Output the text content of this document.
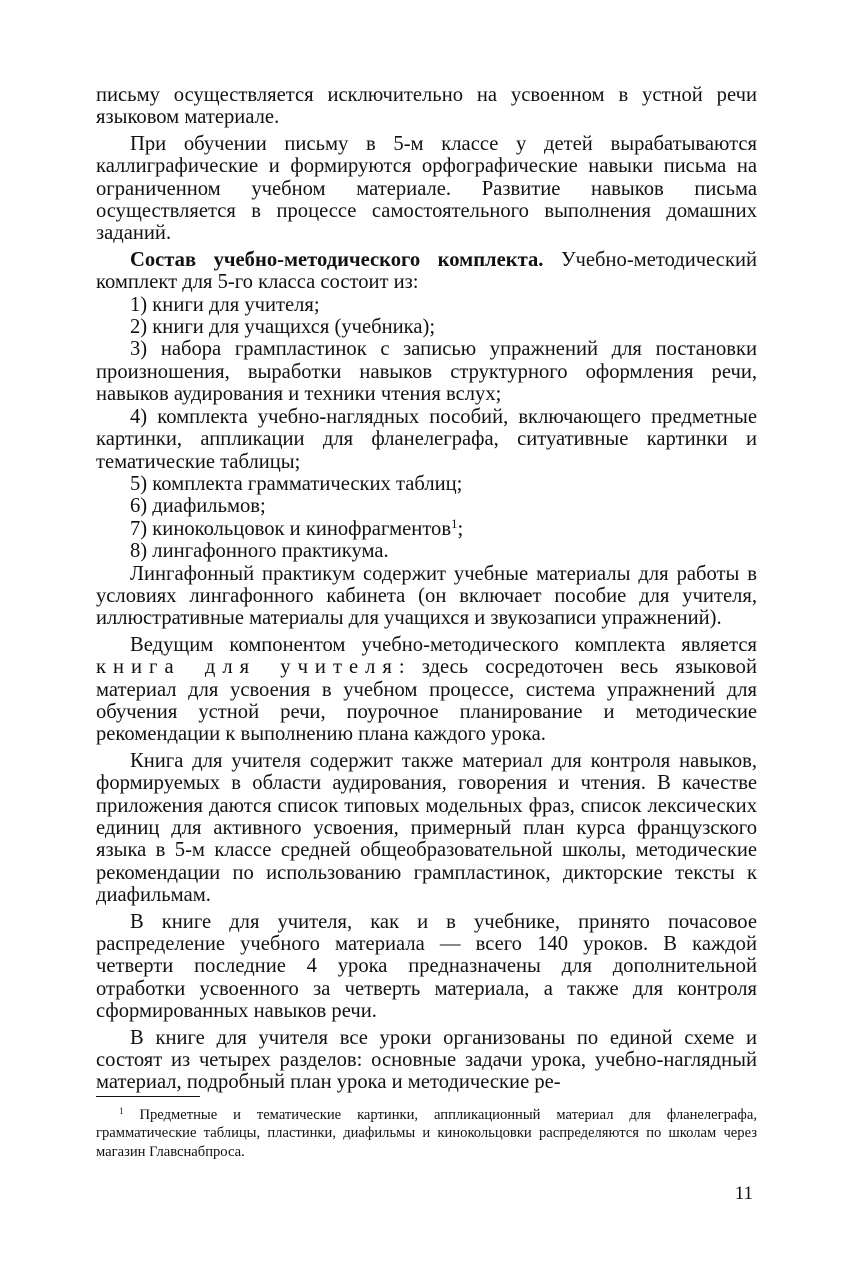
письму осуществляется исключительно на усвоенном в устной речи языковом материале.

При обучении письму в 5-м классе у детей вырабатываются каллиграфические и формируются орфографические навыки письма на ограниченном учебном материале. Развитие навыков письма осуществляется в процессе самостоятельного выполнения домашних заданий.

Состав учебно-методического комплекта. Учебно-методический комплект для 5-го класса состоит из:

1) книги для учителя;

2) книги для учащихся (учебника);

3) набора грампластинок с записью упражнений для постановки произношения, выработки навыков структурного оформления речи, навыков аудирования и техники чтения вслух;

4) комплекта учебно-наглядных пособий, включающего предметные картинки, аппликации для фланелеграфа, ситуативные картинки и тематические таблицы;

5) комплекта грамматических таблиц;

6) диафильмов;

7) кинокольцовок и кинофрагментов$^1$;

8) лингафонного практикума.

Лингафонный практикум содержит учебные материалы для работы в условиях лингафонного кабинета (он включает пособие для учителя, иллюстративные материалы для учащихся и звукозаписи упражнений).

Ведущим компонентом учебно-методического комплекта является книга для учителя: здесь сосредоточен весь языковой материал для усвоения в учебном процессе, система упражнений для обучения устной речи, поурочное планирование и методические рекомендации к выполнению плана каждого урока.

Книга для учителя содержит также материал для контроля навыков, формируемых в области аудирования, говорения и чтения. В качестве приложения даются список типовых модельных фраз, список лексических единиц для активного усвоения, примерный план курса французского языка в 5-м классе средней общеобразовательной школы, методические рекомендации по использованию грампластинок, дикторские тексты к диафильмам.

В книге для учителя, как и в учебнике, принято почасовое распределение учебного материала — всего 140 уроков. В каждой четверти последние 4 урока предназначены для дополнительной отработки усвоенного за четверть материала, а также для контроля сформированных навыков речи.

В книге для учителя все уроки организованы по единой схеме и состоят из четырех разделов: основные задачи урока, учебно-наглядный материал, подробный план урока и методические ре-

$^1$ Предметные и тематические картинки, аппликационный материал для фланелеграфа, грамматические таблицы, пластинки, диафильмы и кинокольцовки распределяются по школам через магазин Главснабпроса.

11
